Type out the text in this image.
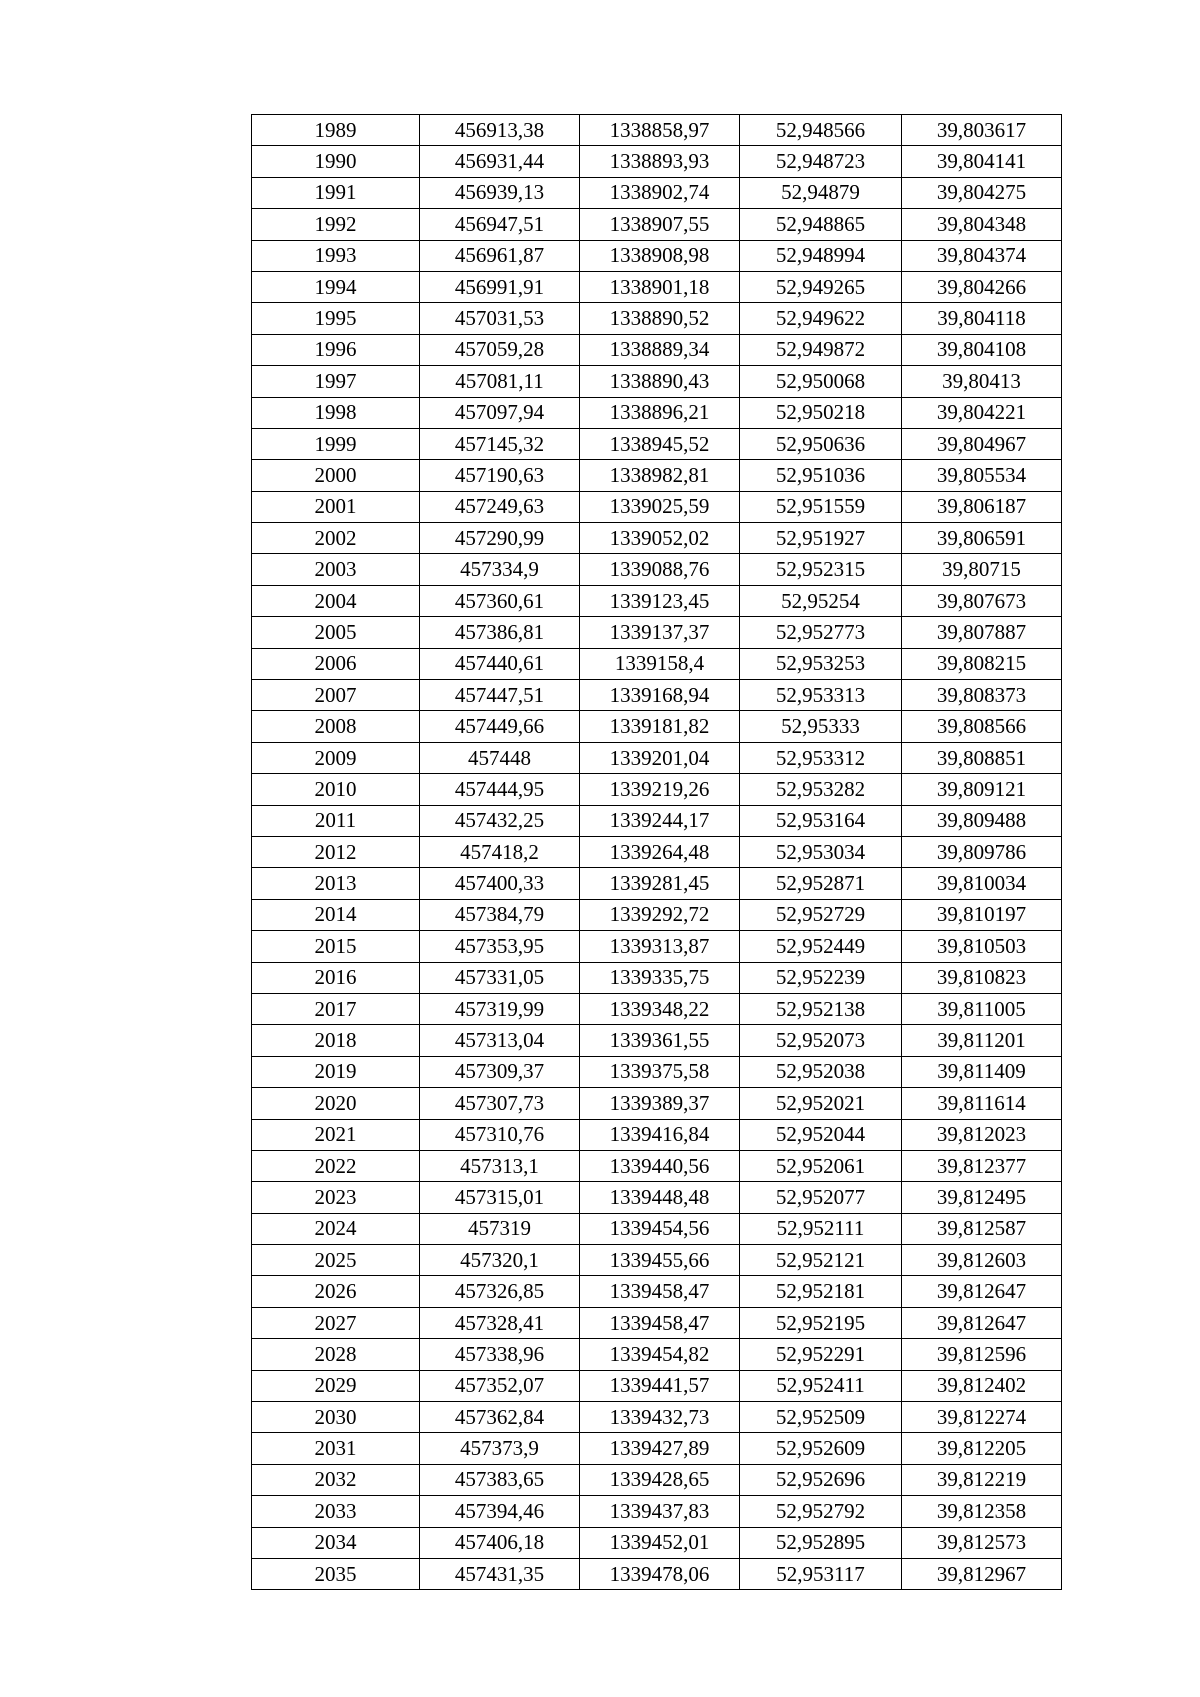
1989	456913,38	1338858,97	52,948566	39,803617
1990	456931,44	1338893,93	52,948723	39,804141
1991	456939,13	1338902,74	52,94879	39,804275
1992	456947,51	1338907,55	52,948865	39,804348
1993	456961,87	1338908,98	52,948994	39,804374
1994	456991,91	1338901,18	52,949265	39,804266
1995	457031,53	1338890,52	52,949622	39,804118
1996	457059,28	1338889,34	52,949872	39,804108
1997	457081,11	1338890,43	52,950068	39,80413
1998	457097,94	1338896,21	52,950218	39,804221
1999	457145,32	1338945,52	52,950636	39,804967
2000	457190,63	1338982,81	52,951036	39,805534
2001	457249,63	1339025,59	52,951559	39,806187
2002	457290,99	1339052,02	52,951927	39,806591
2003	457334,9	1339088,76	52,952315	39,80715
2004	457360,61	1339123,45	52,95254	39,807673
2005	457386,81	1339137,37	52,952773	39,807887
2006	457440,61	1339158,4	52,953253	39,808215
2007	457447,51	1339168,94	52,953313	39,808373
2008	457449,66	1339181,82	52,95333	39,808566
2009	457448	1339201,04	52,953312	39,808851
2010	457444,95	1339219,26	52,953282	39,809121
2011	457432,25	1339244,17	52,953164	39,809488
2012	457418,2	1339264,48	52,953034	39,809786
2013	457400,33	1339281,45	52,952871	39,810034
2014	457384,79	1339292,72	52,952729	39,810197
2015	457353,95	1339313,87	52,952449	39,810503
2016	457331,05	1339335,75	52,952239	39,810823
2017	457319,99	1339348,22	52,952138	39,811005
2018	457313,04	1339361,55	52,952073	39,811201
2019	457309,37	1339375,58	52,952038	39,811409
2020	457307,73	1339389,37	52,952021	39,811614
2021	457310,76	1339416,84	52,952044	39,812023
2022	457313,1	1339440,56	52,952061	39,812377
2023	457315,01	1339448,48	52,952077	39,812495
2024	457319	1339454,56	52,952111	39,812587
2025	457320,1	1339455,66	52,952121	39,812603
2026	457326,85	1339458,47	52,952181	39,812647
2027	457328,41	1339458,47	52,952195	39,812647
2028	457338,96	1339454,82	52,952291	39,812596
2029	457352,07	1339441,57	52,952411	39,812402
2030	457362,84	1339432,73	52,952509	39,812274
2031	457373,9	1339427,89	52,952609	39,812205
2032	457383,65	1339428,65	52,952696	39,812219
2033	457394,46	1339437,83	52,952792	39,812358
2034	457406,18	1339452,01	52,952895	39,812573
2035	457431,35	1339478,06	52,953117	39,812967
